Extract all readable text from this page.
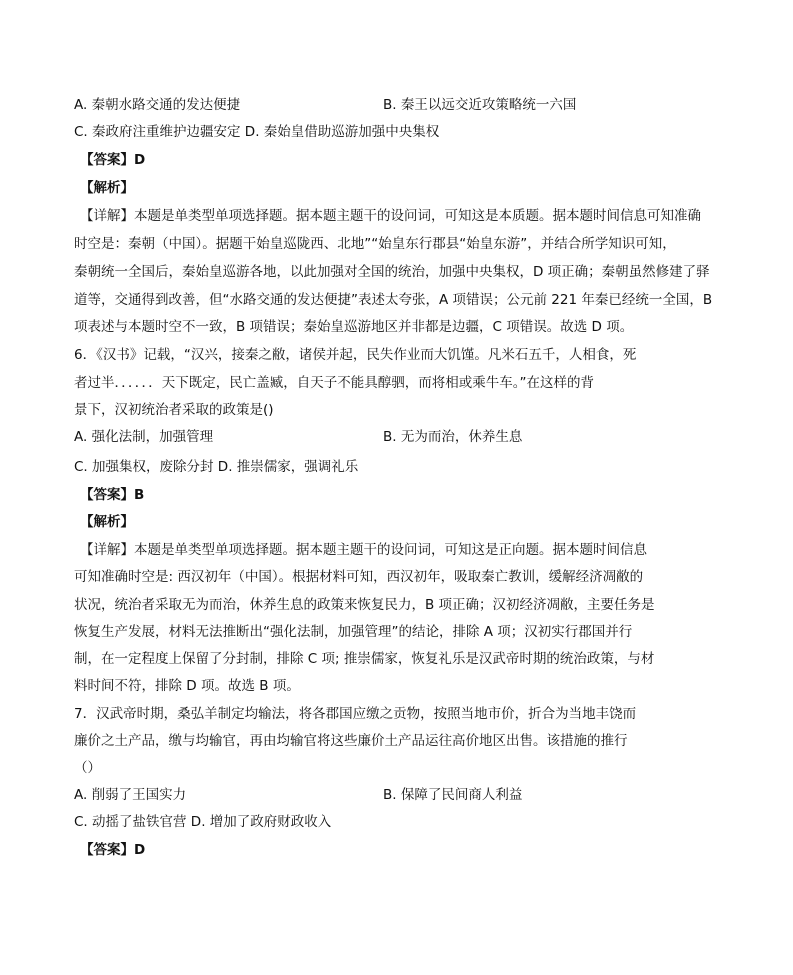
A. 秦朝水路交通的发达便捷	B. 秦王以远交近攻策略统一六国
C. 秦政府注重维护边疆安定 D. 秦始皇借助巡游加强中央集权
【答案】D
【解析】
【详解】本题是单类型单项选择题。据本题主题干的设问词，可知这是本质题。据本题时间信息可知准确
时空是：秦朝（中国）。据题干始皇巡陇西、北地”“始皇东行郡县“始皇东游”，并结合所学知识可知，
秦朝统一全国后，秦始皇巡游各地，以此加强对全国的统治，加强中央集权，D 项正确；秦朝虽然修建了驿
道等，交通得到改善，但“水路交通的发达便捷”表述太夸张，A 项错误；公元前 221 年秦已经统一全国，B
项表述与本题时空不一致，B 项错误；秦始皇巡游地区并非都是边疆，C 项错误。故选 D 项。
6．《汉书》记载，“汉兴，接秦之敝，诸侯并起，民失作业而大饥馑。凡米石五千，人相食，死
者过半．．．．．．天下既定，民亡盖臧，自天子不能具醇驷，而将相或乘牛车。”在这样的背
景下，汉初统治者采取的政策是()
A. 强化法制，加强管理	B. 无为而治，休养生息
C. 加强集权，废除分封 D. 推崇儒家，强调礼乐
【答案】B
【解析】
【详解】本题是单类型单项选择题。据本题主题干的设问词，可知这是正向题。据本题时间信息
可知准确时空是: 西汉初年（中国）。根据材料可知，西汉初年，吸取秦亡教训，缓解经济凋敝的
状况，统治者采取无为而治，休养生息的政策来恢复民力，B 项正确；汉初经济凋敝，主要任务是
恢复生产发展，材料无法推断出“强化法制，加强管理”的结论，排除 A 项；汉初实行郡国并行
制，在一定程度上保留了分封制，排除 C 项; 推崇儒家，恢复礼乐是汉武帝时期的统治政策，与材
料时间不符，排除 D 项。故选 B 项。
7．汉武帝时期，桑弘羊制定均输法，将各郡国应缴之贡物，按照当地市价，折合为当地丰饶而
廉价之土产品，缴与均输官，再由均输官将这些廉价土产品运往高价地区出售。该措施的推行
（）
A. 削弱了王国实力	B. 保障了民间商人利益
C. 动摇了盐铁官营 D. 增加了政府财政收入
【答案】D
